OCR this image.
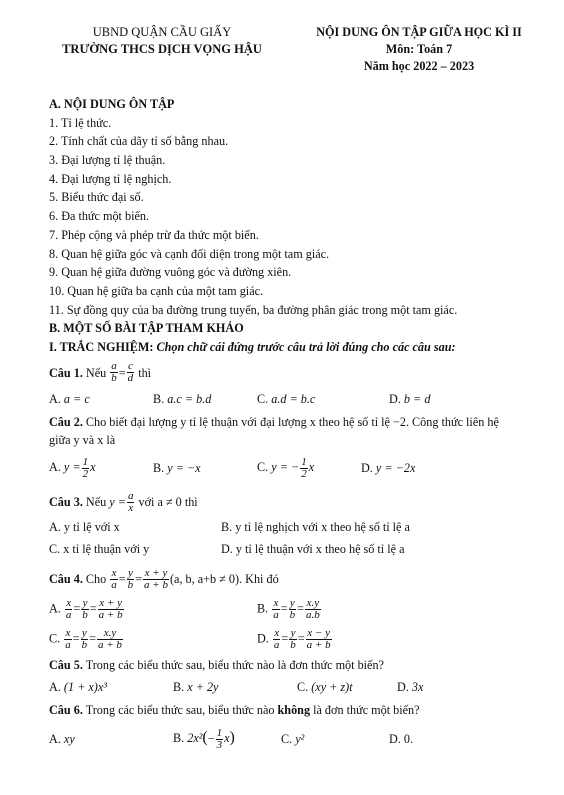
UBND QUẬN CẦU GIẤY
TRƯỜNG THCS DỊCH VỌNG HẬU
NỘI DUNG ÔN TẬP GIỮA HỌC KÌ II
Môn: Toán 7
Năm học 2022 – 2023
A. NỘI DUNG ÔN TẬP
1. Tỉ lệ thức.
2. Tính chất của dãy tỉ số bằng nhau.
3. Đại lượng tỉ lệ thuận.
4. Đại lượng tỉ lệ nghịch.
5. Biểu thức đại số.
6. Đa thức một biến.
7. Phép cộng và phép trừ đa thức một biến.
8. Quan hệ giữa góc và cạnh đối diện trong một tam giác.
9. Quan hệ giữa đường vuông góc và đường xiên.
10. Quan hệ giữa ba cạnh của một tam giác.
11. Sự đồng quy của ba đường trung tuyến, ba đường phân giác trong một tam giác.
B. MỘT SỐ BÀI TẬP THAM KHẢO
I. TRẮC NGHIỆM: Chọn chữ cái đứng trước câu trả lời đúng cho các câu sau:
Câu 1.
Nếu
$\frac{a}{b} = \frac{c}{d}$
thì
A. a = c	B. a.c = b.d	C. a.d = b.c	D. b = d
Câu 2. Cho biết đại lượng y tỉ lệ thuận với đại lượng x theo hệ số tỉ lệ −2. Công thức liên hệ
giữa y và x là
A. $y = \frac{1}{2}$ x	B. y = −x	C. y = − $\frac{1}{2}$ x	D. y = −2x
Câu 3.
Nếu
$y = \frac{a}{x}$
với a ≠ 0 thì
A. y tỉ lệ với x	B. y tỉ lệ nghịch với x theo hệ số tỉ lệ a
C. x tỉ lệ thuận với y	D. y tỉ lệ thuận với x theo hệ số tỉ lệ a
Câu 4.
Cho
$\frac{x}{a} = \frac{y}{b} = \frac{x + y}{a + b} (a$, b, a+b ≠ 0) . Khi đó
A. $\frac{x}{a} = \frac{y}{b} = \frac{x + y}{a + b}$	B. $\frac{x}{a} = \frac{y}{b} = \frac{x.y}{a.b}$
C. $\frac{x}{a} = \frac{y}{b} = \frac{x.y}{a + b}$	D. $\frac{x}{a} = \frac{y}{b} = \frac{x - y}{a + b}$
Câu 5. Trong các biểu thức sau, biểu thức nào là đơn thức một biến?
A. (1 + x)x³	B. x + 2y	C. (xy + z)t	D. 3x
Câu 6. Trong các biểu thức sau, biểu thức nào không là đơn thức một biến?
A. xy	B. $2x^2(- \frac{1}{3} x)$	C. y²	D. 0.
